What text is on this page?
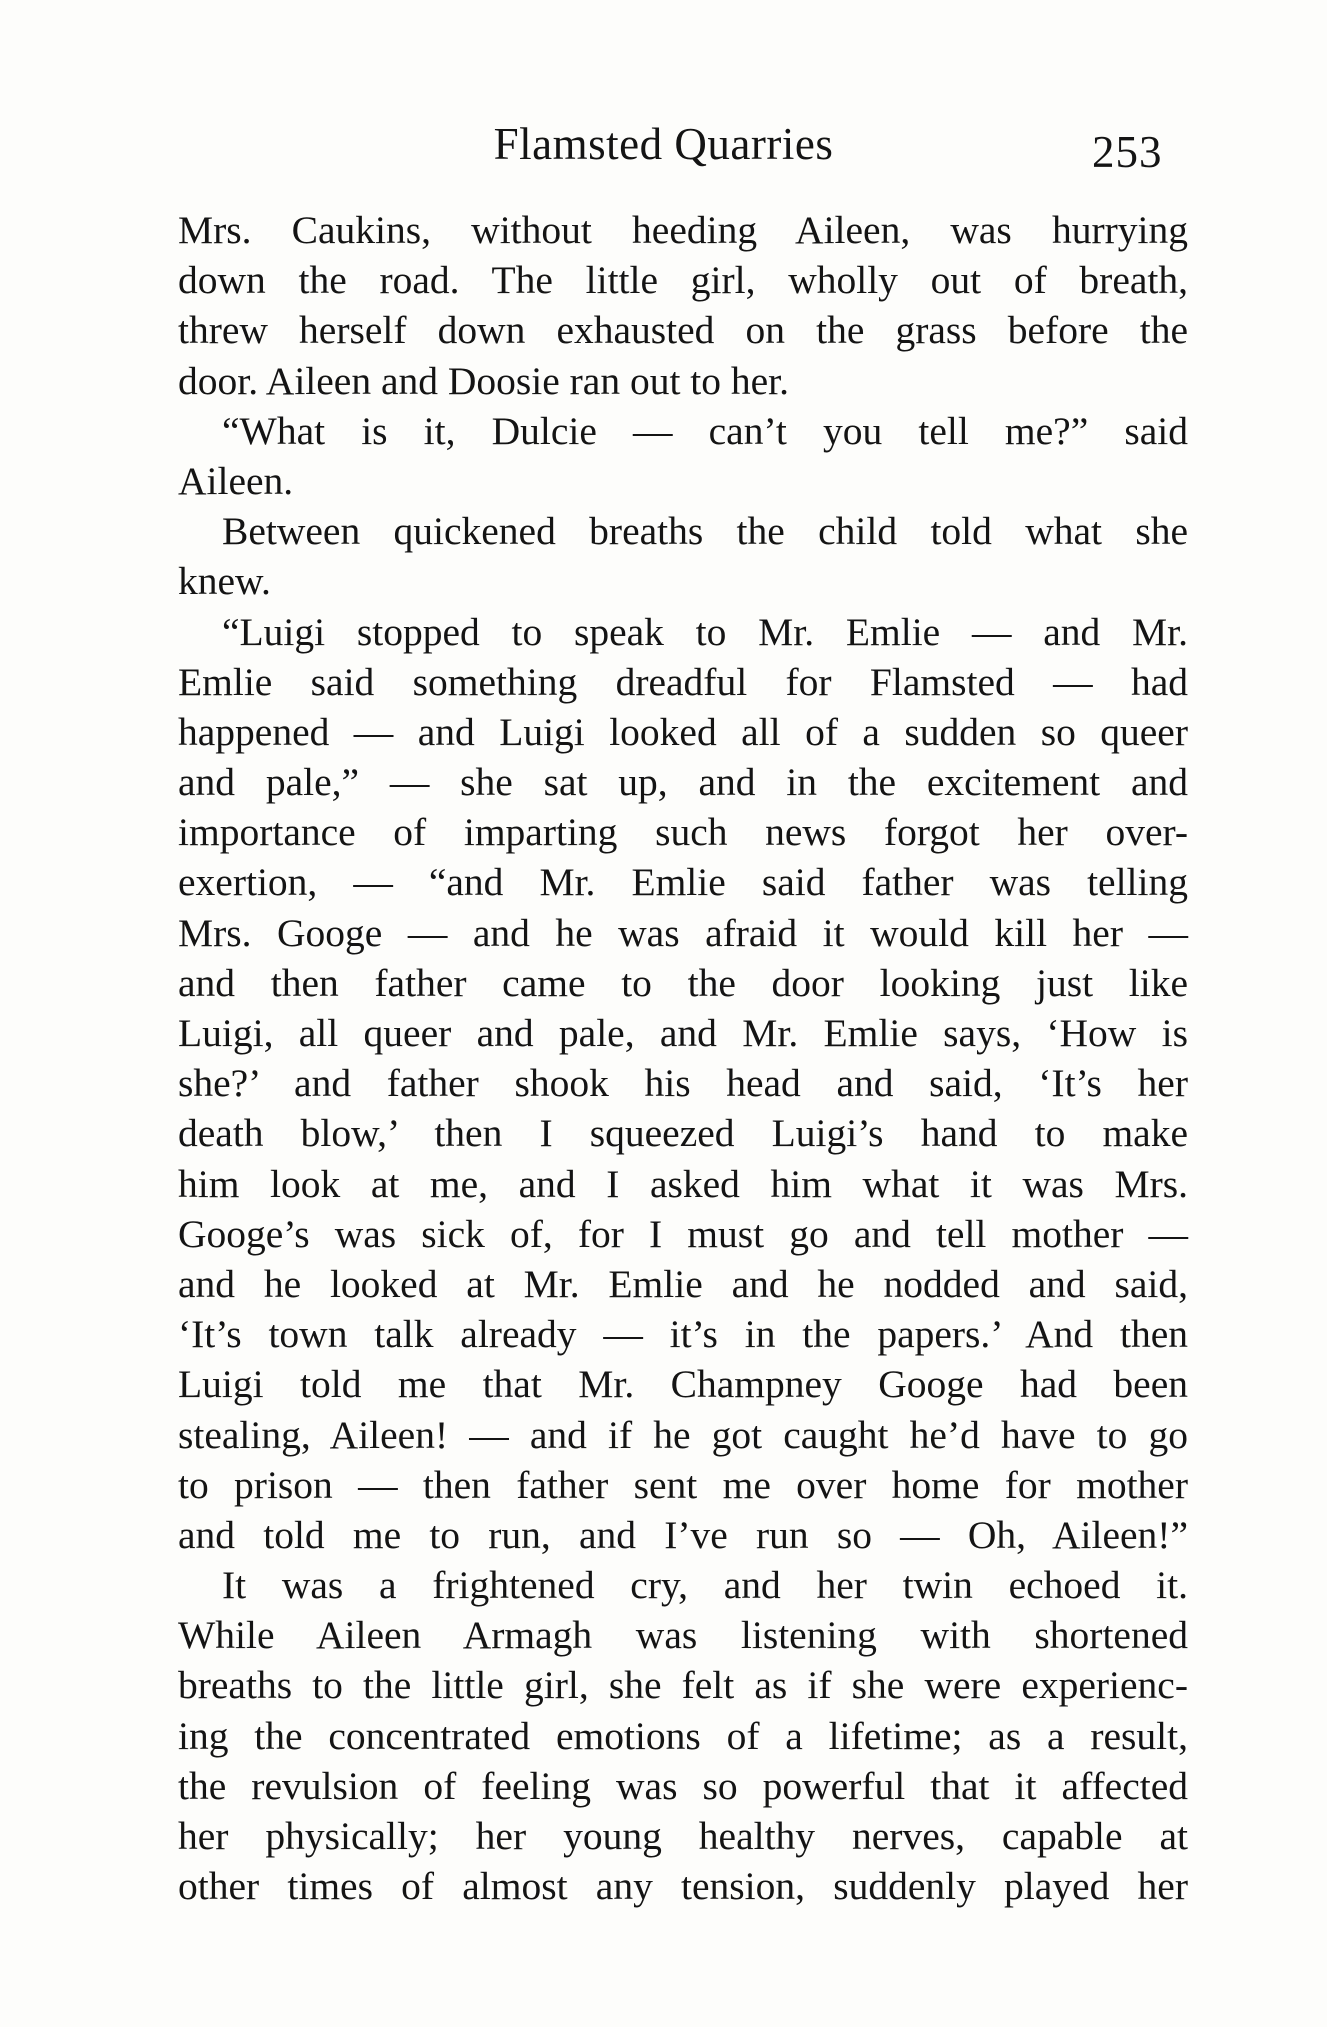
Flamsted Quarries	253
Mrs. Caukins, without heeding Aileen, was hurrying
down the road. The little girl, wholly out of breath,
threw herself down exhausted on the grass before the
door. Aileen and Doosie ran out to her.
“What is it, Dulcie — can’t you tell me?” said
Aileen.
Between quickened breaths the child told what she
knew.
“Luigi stopped to speak to Mr. Emlie — and Mr.
Emlie said something dreadful for Flamsted — had
happened — and Luigi looked all of a sudden so queer
and pale,” — she sat up, and in the excitement and
importance of imparting such news forgot her over-
exertion, — “and Mr. Emlie said father was telling
Mrs. Googe — and he was afraid it would kill her —
and then father came to the door looking just like
Luigi, all queer and pale, and Mr. Emlie says, ‘How is
she?’ and father shook his head and said, ‘It’s her
death blow,’ then I squeezed Luigi’s hand to make
him look at me, and I asked him what it was Mrs.
Googe’s was sick of, for I must go and tell mother —
and he looked at Mr. Emlie and he nodded and said,
‘It’s town talk already — it’s in the papers.’ And then
Luigi told me that Mr. Champney Googe had been
stealing, Aileen! — and if he got caught he’d have to go
to prison — then father sent me over home for mother
and told me to run, and I’ve run so — Oh, Aileen!”
It was a frightened cry, and her twin echoed it.
While Aileen Armagh was listening with shortened
breaths to the little girl, she felt as if she were experienc-
ing the concentrated emotions of a lifetime; as a result,
the revulsion of feeling was so powerful that it affected
her physically; her young healthy nerves, capable at
other times of almost any tension, suddenly played her
